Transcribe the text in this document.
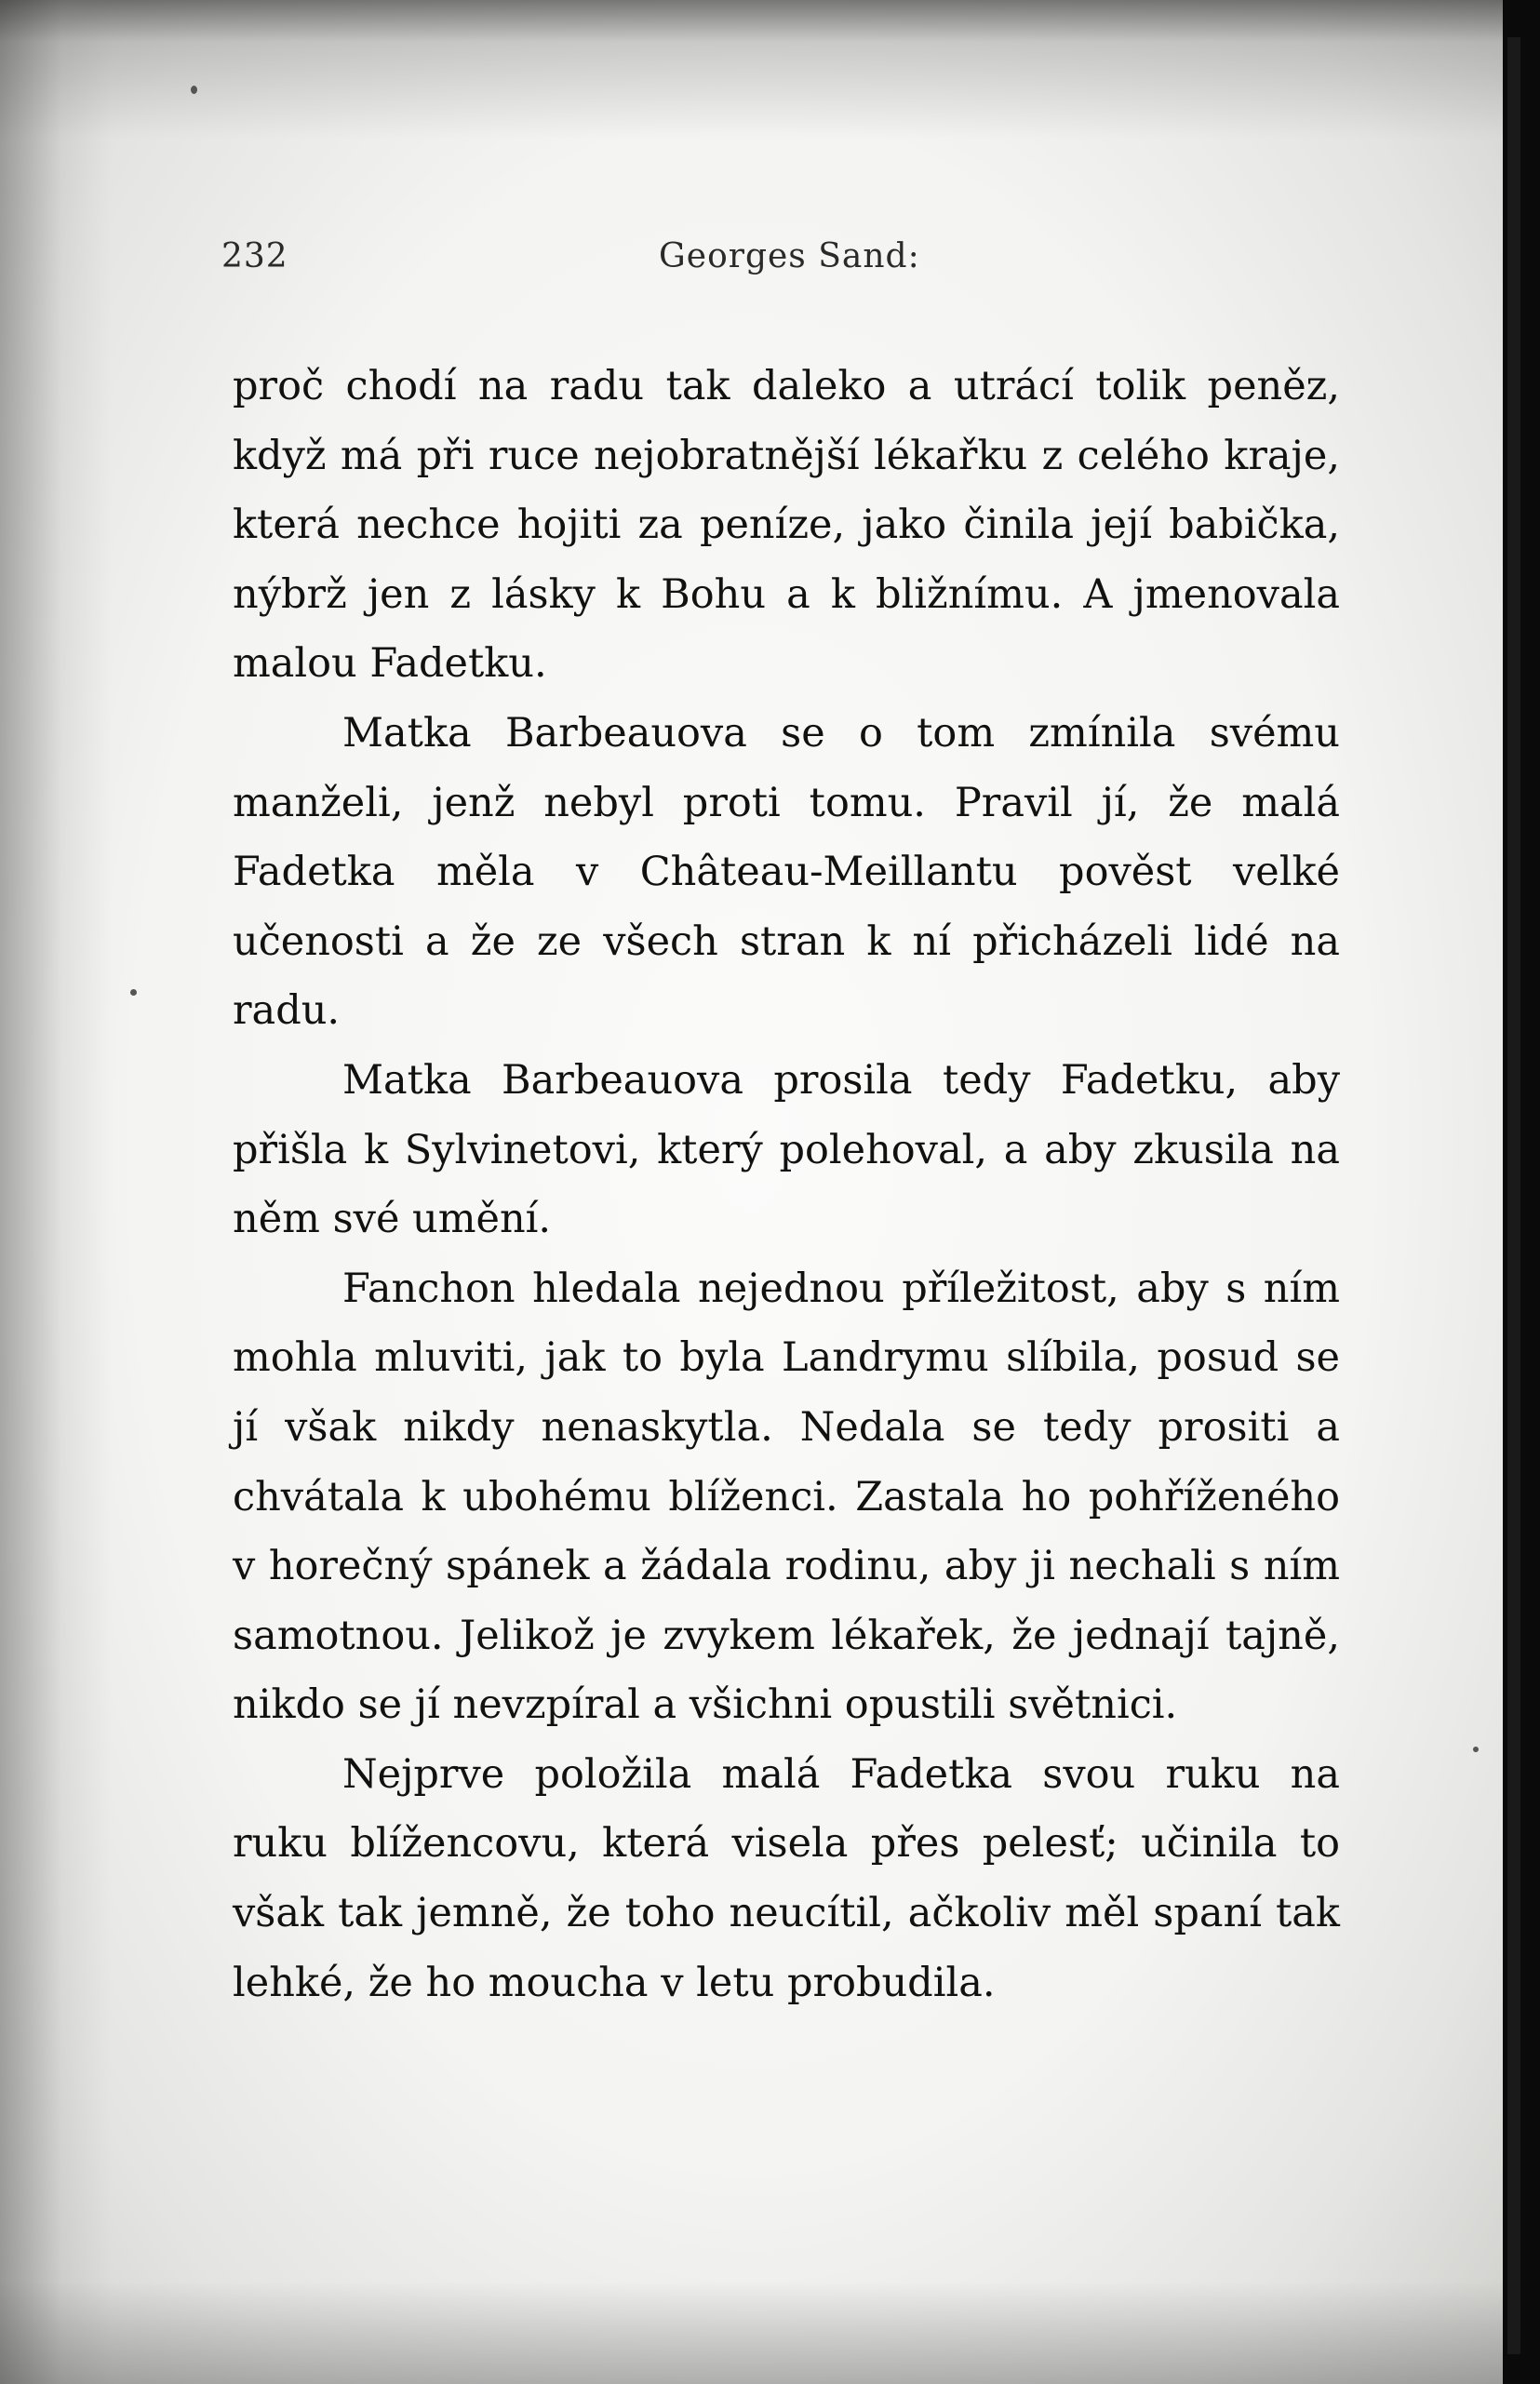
232	Georges Sand:

proč chodí na radu tak daleko a utrácí tolik peněz, když má při ruce nejobratnější lékařku z celého kraje, která nechce hojiti za peníze, jako činila její babička, nýbrž jen z lásky k Bohu a k bližnímu. A jmenovala malou Fadetku.

Matka Barbeauova se o tom zmínila svému manželi, jenž nebyl proti tomu. Pravil jí, že malá Fadetka měla v Château-Meillantu pověst velké učenosti a že ze všech stran k ní přicházeli lidé na radu.

Matka Barbeauova prosila tedy Fadetku, aby přišla k Sylvinetovi, který polehoval, a aby zkusila na něm své umění.

Fanchon hledala nejednou příležitost, aby s ním mohla mluviti, jak to byla Landrymu slíbila, posud se jí však nikdy nenaskytla. Nedala se tedy prositi a chvátala k ubohému blíženci. Zastala ho pohříženého v horečný spánek a žádala rodinu, aby ji nechali s ním samotnou. Jelikož je zvykem lékařek, že jednají tajně, nikdo se jí nevzpíral a všichni opustili světnici.

Nejprve položila malá Fadetka svou ruku na ruku blížencovu, která visela přes pelesť; učinila to však tak jemně, že toho neucítil, ačkoliv měl spaní tak lehké, že ho moucha v letu probudila.
